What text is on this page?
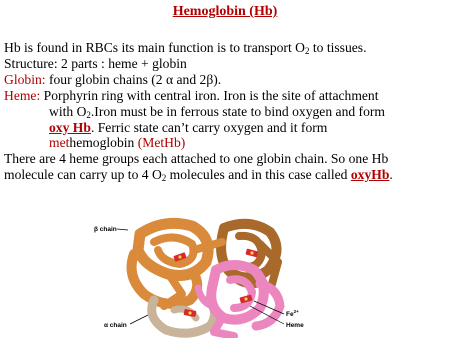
Hemoglobin (Hb)
Hb is found in RBCs its main function is to transport $O_2$ to tissues.
Structure: 2 parts : heme + globin
Globin: four globin chains (2 α and 2β).
Heme: Porphyrin ring with central iron. Iron is the site of attachment
with $O_2.Iron$ must be in ferrous state to bind oxygen and form
oxy Hb. Ferric state can’t carry oxygen and it form
methemoglobin (MetHb)
There are 4 heme groups each attached to one globin chain. So one Hb
molecule can carry up to 4 $O_2$ molecules and in this case called oxyHb.
β chain
α chain
$Fe^{2+}$
Heme
